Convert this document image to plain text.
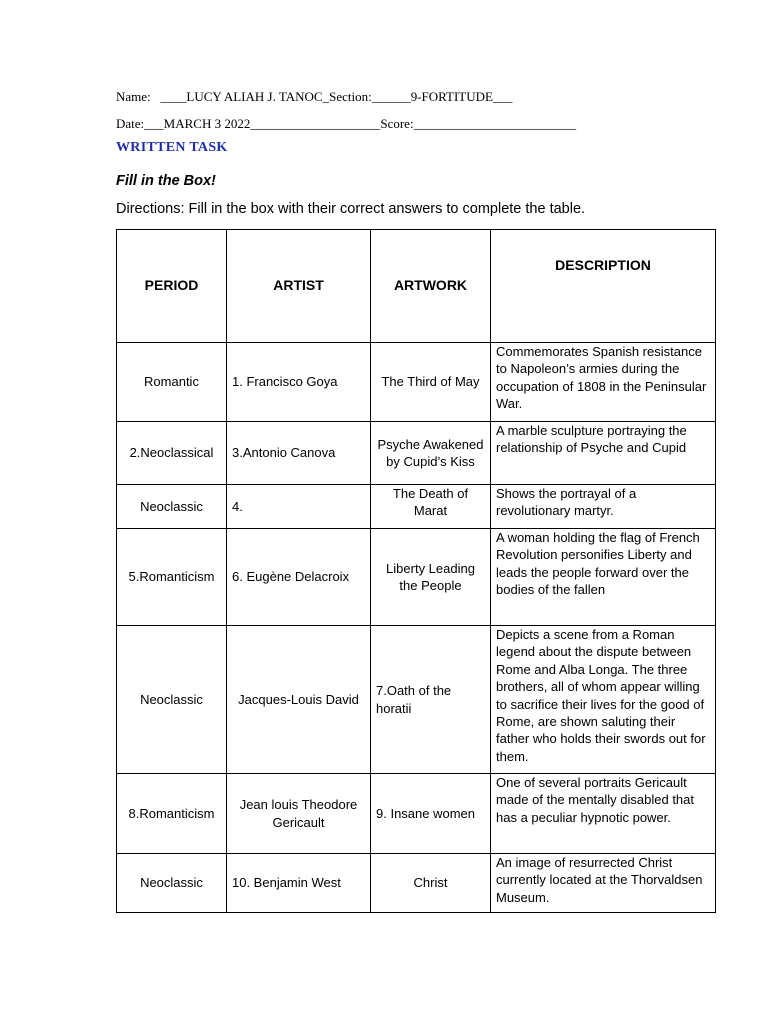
Name: ____LUCY ALIAH J. TANOC_Section:______9-FORTITUDE___
Date:___MARCH 3 2022____________________Score:_________________________
WRITTEN TASK
Fill in the Box!
Directions: Fill in the box with their correct answers to complete the table.
PERIOD	ARTIST	ARTWORK	DESCRIPTION
Romantic	1. Francisco Goya	The Third of May	Commemorates Spanish resistance to Napoleon’s armies during the occupation of 1808 in the Peninsular War.
2.Neoclassical	3.Antonio Canova	Psyche Awakened by Cupid’s Kiss	A marble sculpture portraying the relationship of Psyche and Cupid
Neoclassic	4.	The Death of Marat	Shows the portrayal of a revolutionary martyr.
5.Romanticism	6. Eugène Delacroix	Liberty Leading the People	A woman holding the flag of French Revolution personifies Liberty and leads the people forward over the bodies of the fallen
Neoclassic	Jacques-Louis David	7.Oath of the horatii	Depicts a scene from a Roman legend about the dispute between Rome and Alba Longa. The three brothers, all of whom appear willing to sacrifice their lives for the good of Rome, are shown saluting their father who holds their swords out for them.
8.Romanticism	Jean louis Theodore Gericault	9. Insane women	One of several portraits Gericault made of the mentally disabled that has a peculiar hypnotic power.
Neoclassic	10. Benjamin West	Christ	An image of resurrected Christ currently located at the Thorvaldsen Museum.
